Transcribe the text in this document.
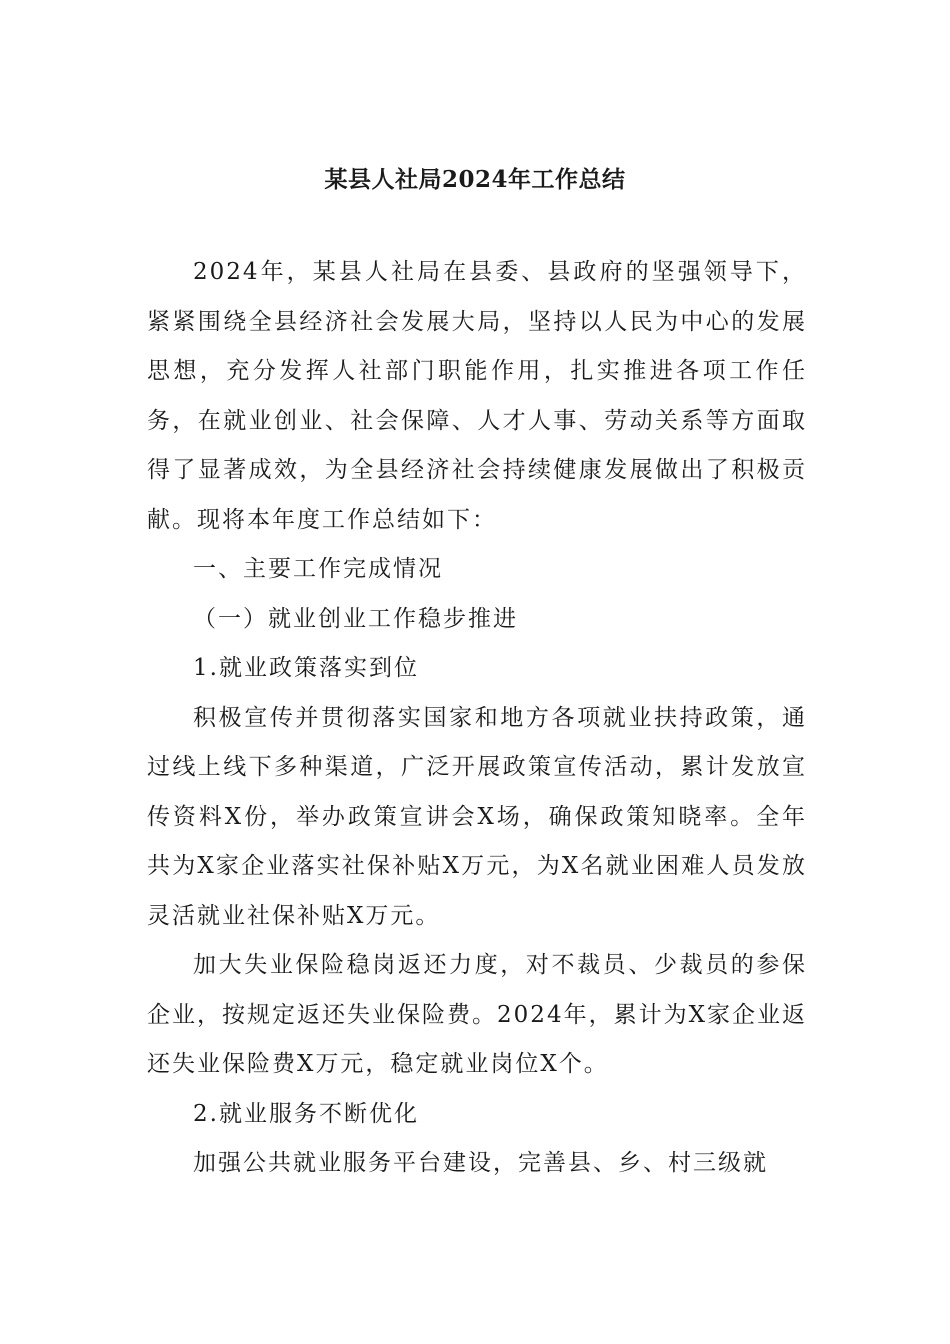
某县人社局2024年工作总结

2024年，某县人社局在县委、县政府的坚强领导下，紧紧围绕全县经济社会发展大局，坚持以人民为中心的发展思想，充分发挥人社部门职能作用，扎实推进各项工作任务，在就业创业、社会保障、人才人事、劳动关系等方面取得了显著成效，为全县经济社会持续健康发展做出了积极贡献。现将本年度工作总结如下：

一、主要工作完成情况

（一）就业创业工作稳步推进

1.就业政策落实到位

积极宣传并贯彻落实国家和地方各项就业扶持政策，通过线上线下多种渠道，广泛开展政策宣传活动，累计发放宣传资料X份，举办政策宣讲会X场，确保政策知晓率。全年共为X家企业落实社保补贴X万元，为X名就业困难人员发放灵活就业社保补贴X万元。

加大失业保险稳岗返还力度，对不裁员、少裁员的参保企业，按规定返还失业保险费。2024年，累计为X家企业返还失业保险费X万元，稳定就业岗位X个。

2.就业服务不断优化

加强公共就业服务平台建设，完善县、乡、村三级就
